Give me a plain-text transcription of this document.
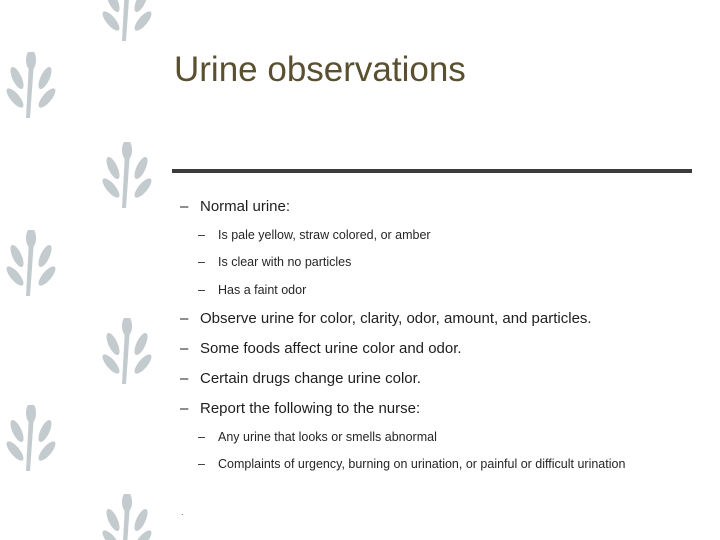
Urine observations
– Normal urine:
– Is pale yellow, straw colored, or amber
– Is clear with no particles
– Has a faint odor
– Observe urine for color, clarity, odor, amount, and particles.
– Some foods affect urine color and odor.
– Certain drugs change urine color.
– Report the following to the nurse:
– Any urine that looks or smells abnormal
– Complaints of urgency, burning on urination, or painful or difficult urination
.
